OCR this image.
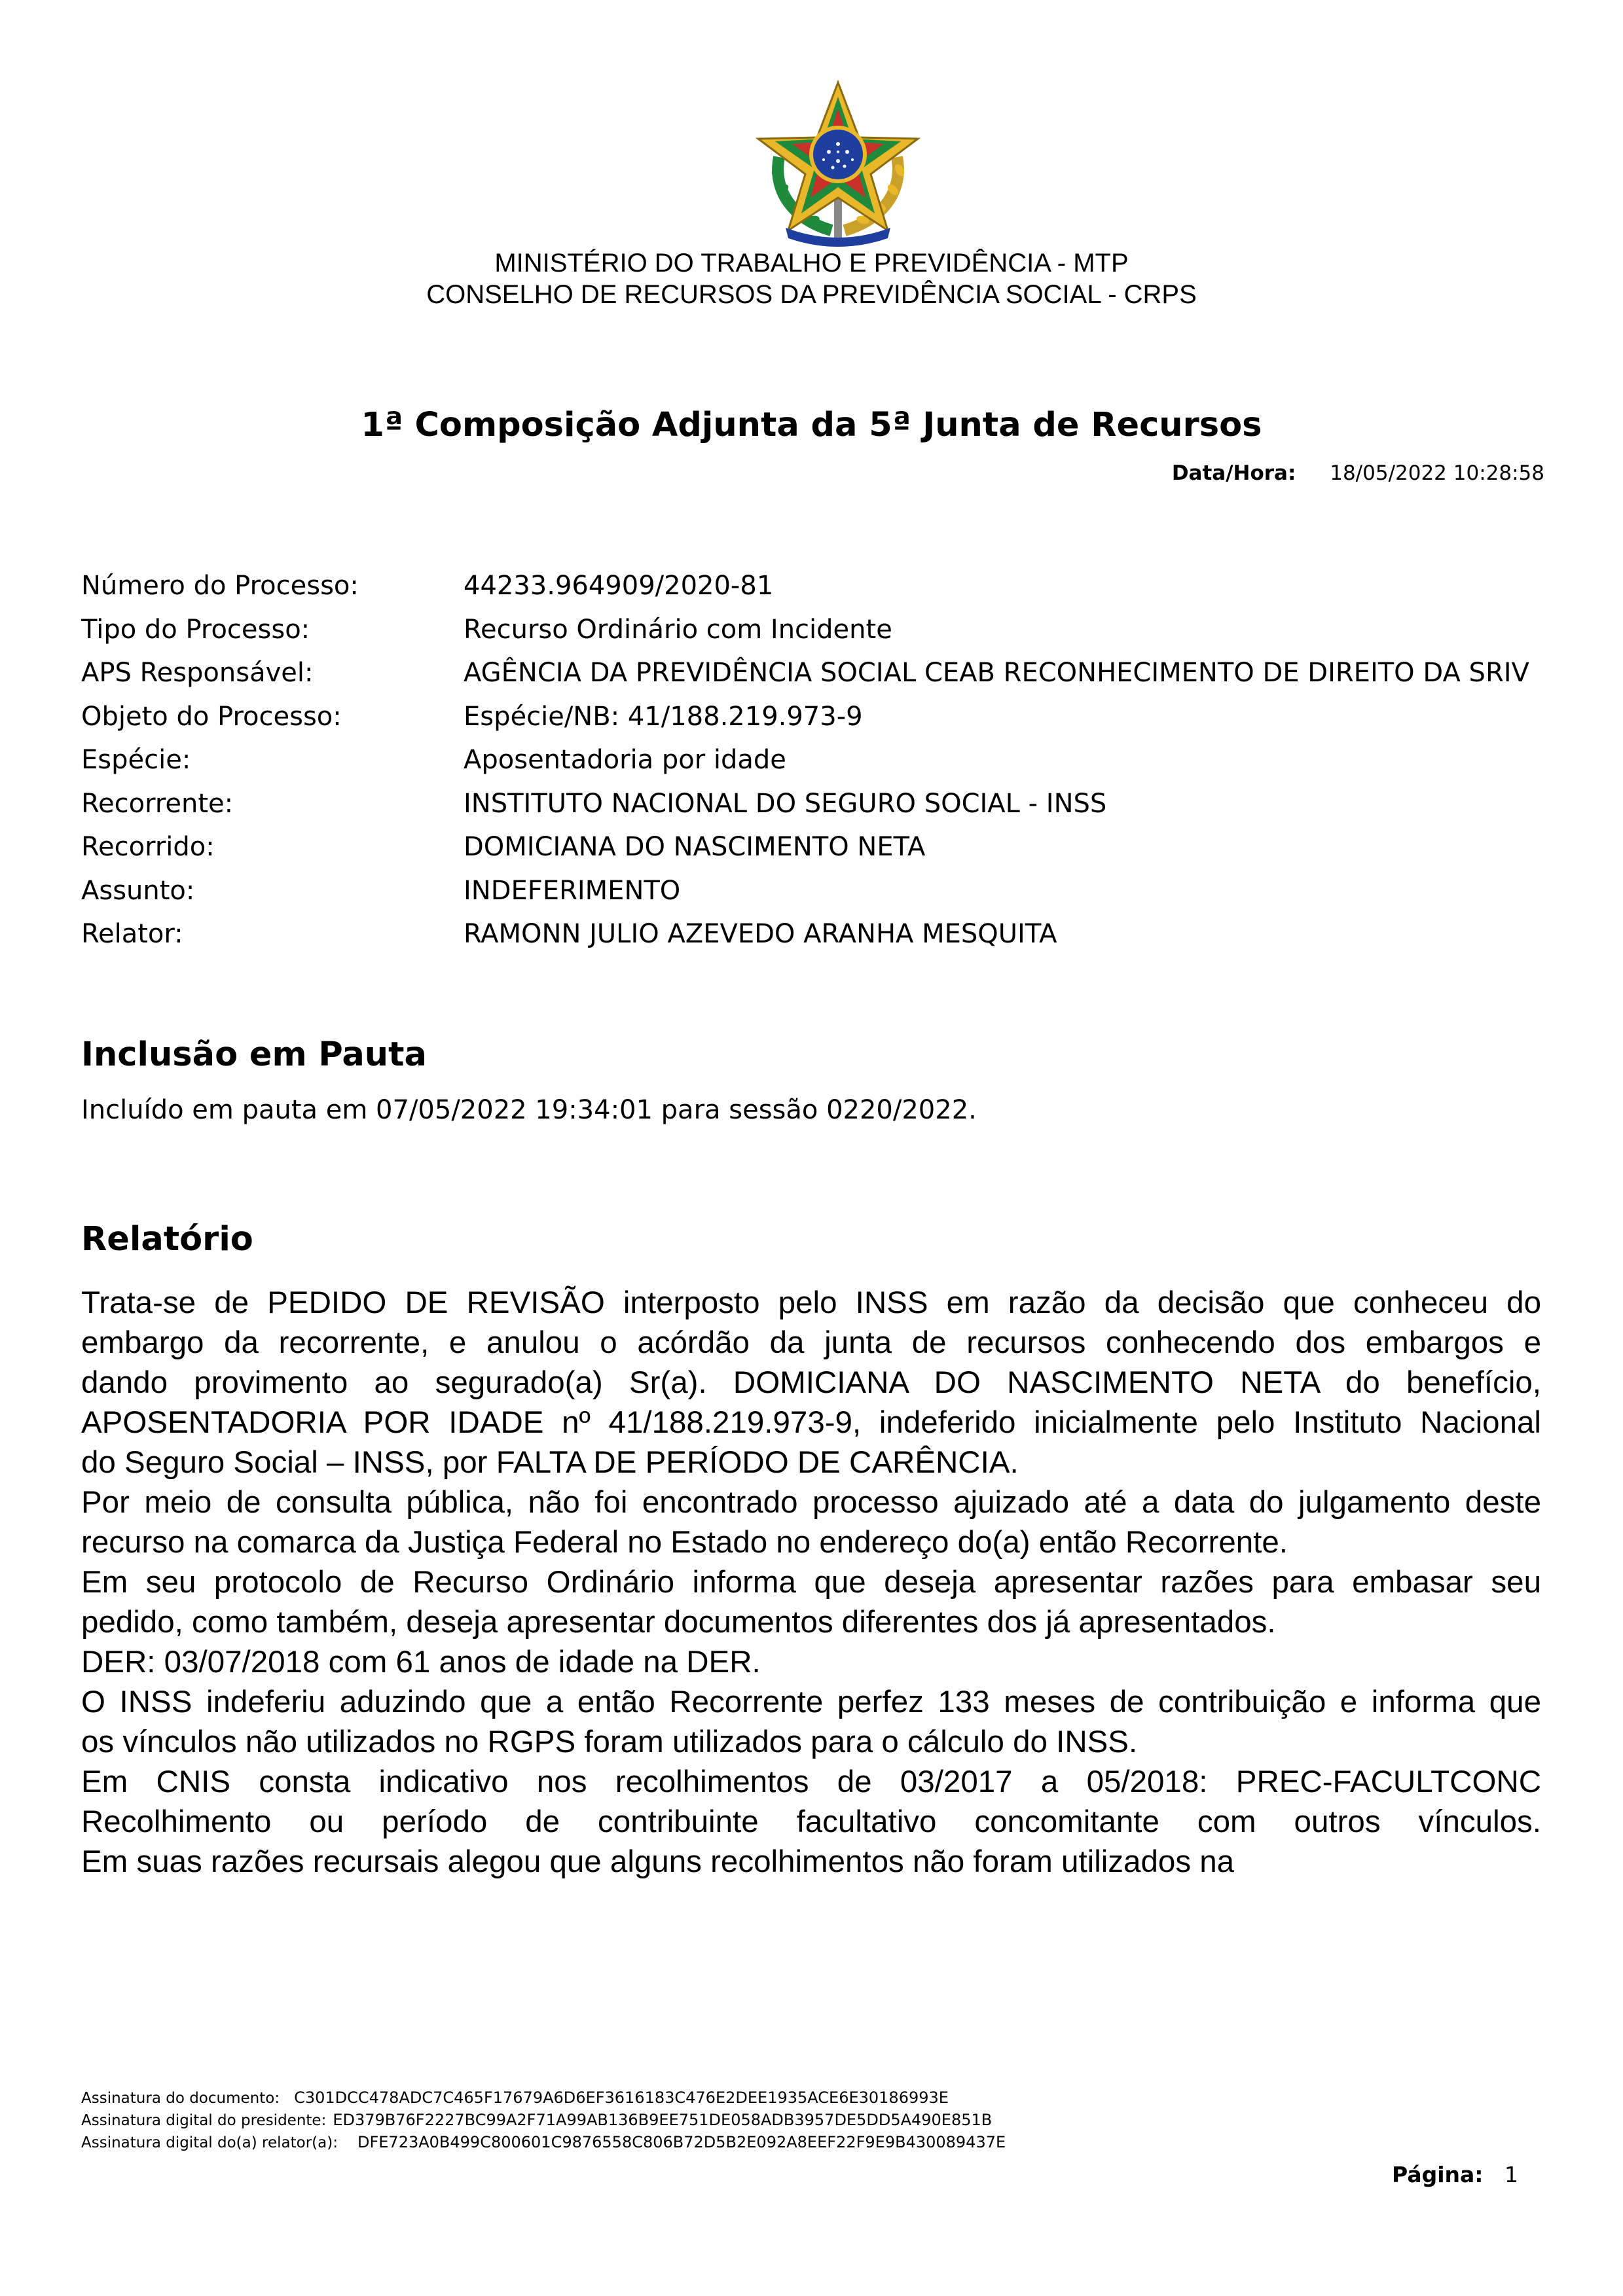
MINISTÉRIO DO TRABALHO E PREVIDÊNCIA - MTP
CONSELHO DE RECURSOS DA PREVIDÊNCIA SOCIAL - CRPS
1ª Composição Adjunta da 5ª Junta de Recursos
Data/Hora: 18/05/2022 10:28:58
Número do Processo:	44233.964909/2020-81
Tipo do Processo:	Recurso Ordinário com Incidente
APS Responsável:	AGÊNCIA DA PREVIDÊNCIA SOCIAL CEAB RECONHECIMENTO DE DIREITO DA SRIV
Objeto do Processo:	Espécie/NB: 41/188.219.973-9
Espécie:	Aposentadoria por idade
Recorrente:	INSTITUTO NACIONAL DO SEGURO SOCIAL - INSS
Recorrido:	DOMICIANA DO NASCIMENTO NETA
Assunto:	INDEFERIMENTO
Relator:	RAMONN JULIO AZEVEDO ARANHA MESQUITA
Inclusão em Pauta
Incluído em pauta em 07/05/2022 19:34:01 para sessão 0220/2022.
Relatório

Trata-se de PEDIDO DE REVISÃO interposto pelo INSS em razão da decisão que conheceu do

embargo da recorrente, e anulou o acórdão da junta de recursos conhecendo dos embargos e

dando provimento ao segurado(a) Sr(a). DOMICIANA DO NASCIMENTO NETA do benefício,

APOSENTADORIA POR IDADE nº 41/188.219.973-9, indeferido inicialmente pelo Instituto Nacional

do Seguro Social – INSS, por FALTA DE PERÍODO DE CARÊNCIA.

Por meio de consulta pública, não foi encontrado processo ajuizado até a data do julgamento deste

recurso na comarca da Justiça Federal no Estado no endereço do(a) então Recorrente.

Em seu protocolo de Recurso Ordinário informa que deseja apresentar razões para embasar seu

pedido, como também, deseja apresentar documentos diferentes dos já apresentados.

DER: 03/07/2018 com 61 anos de idade na DER.

O INSS indeferiu aduzindo que a então Recorrente perfez 133 meses de contribuição e informa que

os vínculos não utilizados no RGPS foram utilizados para o cálculo do INSS.

Em CNIS consta indicativo nos recolhimentos de 03/2017 a 05/2018: PREC-FACULTCONC

Recolhimento ou período de contribuinte facultativo concomitante com outros vínculos.

Em suas razões recursais alegou que alguns recolhimentos não foram utilizados na

Assinatura do documento: C301DCC478ADC7C465F17679A6D6EF3616183C476E2DEE1935ACE6E30186993E
Assinatura digital do presidente: ED379B76F2227BC99A2F71A99AB136B9EE751DE058ADB3957DE5DD5A490E851B
Assinatura digital do(a) relator(a): DFE723A0B499C800601C9876558C806B72D5B2E092A8EEF22F9E9B430089437E
Página: 1
